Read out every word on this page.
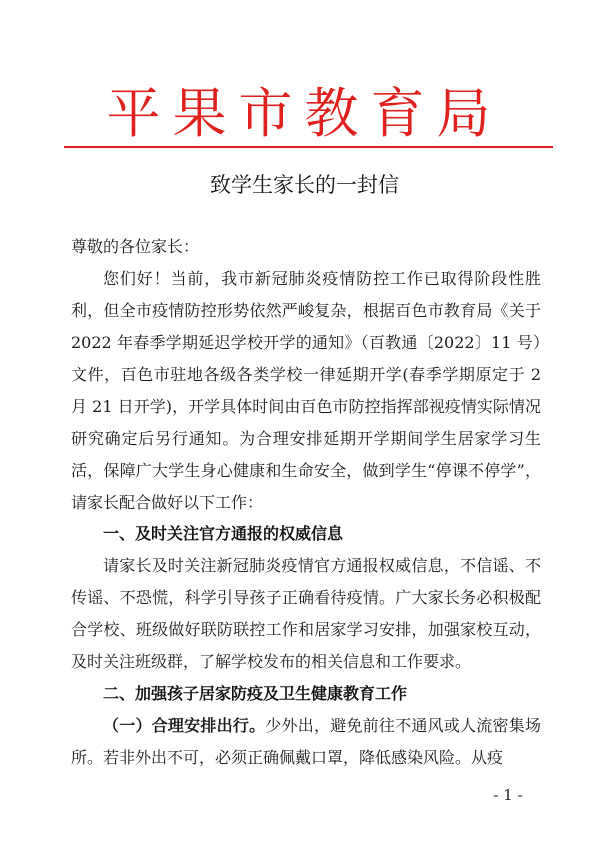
平果市教育局
致学生家长的一封信
尊敬的各位家长：
您们好！当前，我市新冠肺炎疫情防控工作已取得阶段性胜利，但全市疫情防控形势依然严峻复杂，根据百色市教育局《关于 2022 年春季学期延迟学校开学的通知》（百教通〔2022〕11 号）文件，百色市驻地各级各类学校一律延期开学(春季学期原定于 2 月 21 日开学)，开学具体时间由百色市防控指挥部视疫情实际情况研究确定后另行通知。为合理安排延期开学期间学生居家学习生活，保障广大学生身心健康和生命安全，做到学生“停课不停学”，请家长配合做好以下工作：
一、及时关注官方通报的权威信息
请家长及时关注新冠肺炎疫情官方通报权威信息，不信谣、不传谣、不恐慌，科学引导孩子正确看待疫情。广大家长务必积极配合学校、班级做好联防联控工作和居家学习安排，加强家校互动，及时关注班级群，了解学校发布的相关信息和工作要求。
二、加强孩子居家防疫及卫生健康教育工作
（一）合理安排出行。少外出，避免前往不通风或人流密集场所。若非外出不可，必须正确佩戴口罩，降低感染风险。从疫
- 1 -
